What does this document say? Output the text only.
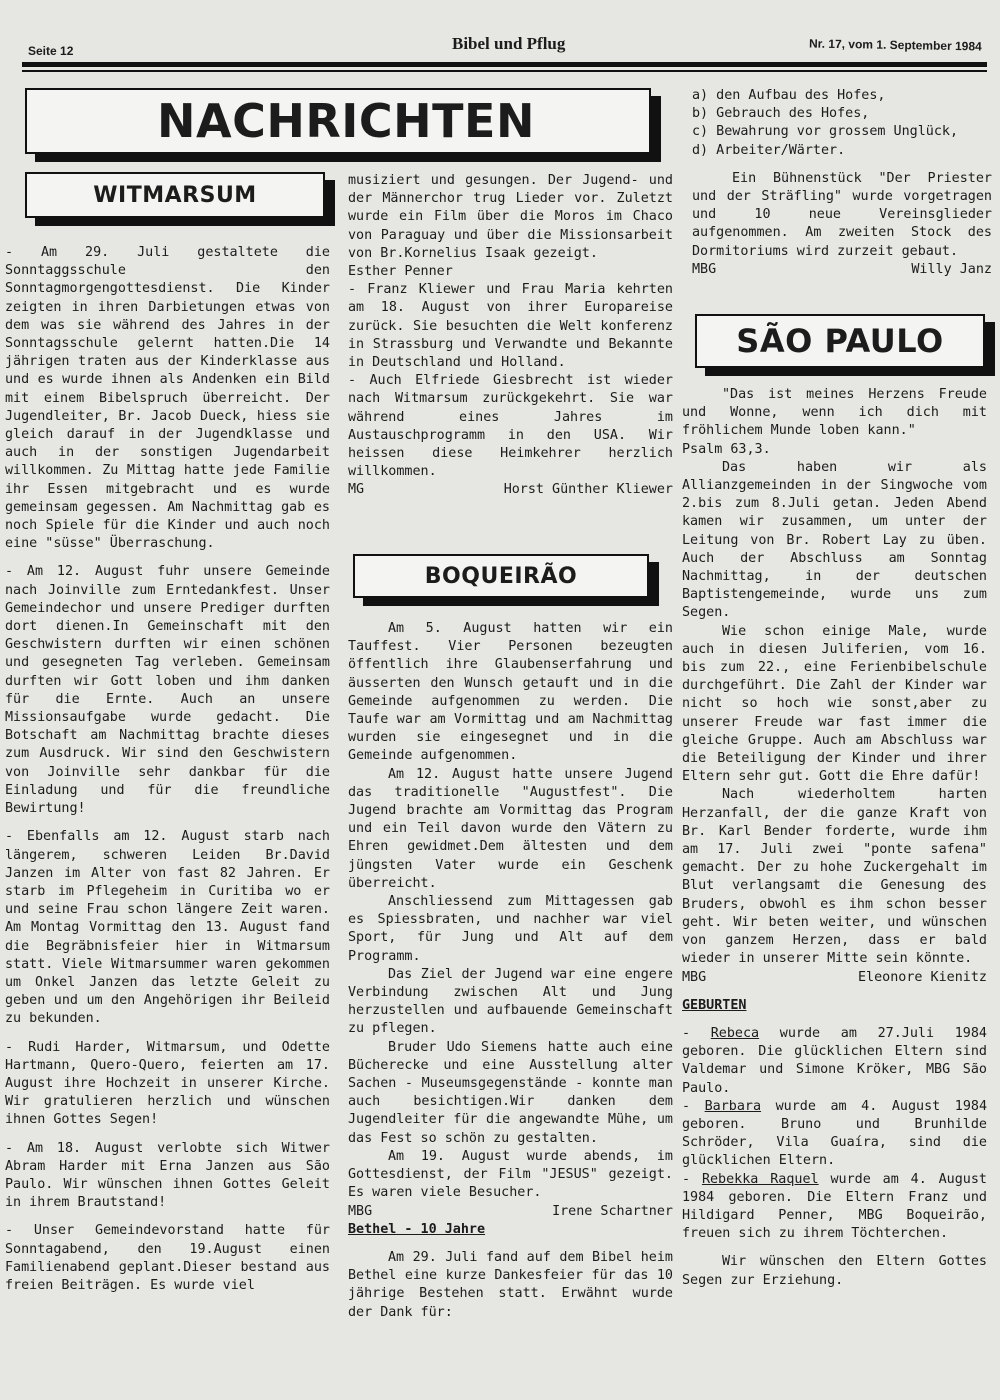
Seite 12	Bibel und Pflug	Nr. 17, vom 1. September 1984
NACHRICHTEN
WITMARSUM
BOQUEIRÃO
SÃO PAULO

- Am 29. Juli gestaltete die Sonntaggsschule den Sonntagmorgengottesdienst. Die Kinder zeigten in ihren Darbietungen etwas von dem was sie während des Jahres in der Sonntagsschule gelernt hatten.Die 14 jährigen traten aus der Kinderklasse aus und es wurde ihnen als Andenken ein Bild mit einem Bibelspruch überreicht. Der Jugendleiter, Br. Jacob Dueck, hiess sie gleich darauf in der Jugendklasse und auch in der sonstigen Jugendarbeit willkommen. Zu Mittag hatte jede Familie ihr Essen mitgebracht und es wurde gemeinsam gegessen. Am Nachmittag gab es noch Spiele für die Kinder und auch noch eine "süsse" Überraschung.

- Am 12. August fuhr unsere Gemeinde nach Joinville zum Erntedankfest. Unser Gemeindechor und unsere Prediger durften dort dienen.In Gemeinschaft mit den Geschwistern durften wir einen schönen und gesegneten Tag verleben. Gemeinsam durften wir Gott loben und ihm danken für die Ernte. Auch an unsere Missionsaufgabe wurde gedacht. Die Botschaft am Nachmittag brachte dieses zum Ausdruck. Wir sind den Geschwistern von Joinville sehr dankbar für die Einladung und für die freundliche Bewirtung!

- Ebenfalls am 12. August starb nach längerem, schweren Leiden Br.David Janzen im Alter von fast 82 Jahren. Er starb im Pflegeheim in Curitiba wo er und seine Frau schon längere Zeit waren. Am Montag Vormittag den 13. August fand die Begräbnisfeier hier in Witmarsum statt. Viele Witmarsummer waren gekommen um Onkel Janzen das letzte Geleit zu geben und um den Angehörigen ihr Beileid zu bekunden.

- Rudi Harder, Witmarsum, und Odette Hartmann, Quero-Quero, feierten am 17. August ihre Hochzeit in unserer Kirche. Wir gratulieren herzlich und wünschen ihnen Gottes Segen!

- Am 18. August verlobte sich Witwer Abram Harder mit Erna Janzen aus São Paulo. Wir wünschen ihnen Gottes Geleit in ihrem Brautstand!

- Unser Gemeindevorstand hatte für Sonntagabend, den 19.August einen Familienabend geplant.Dieser bestand aus freien Beiträgen. Es wurde viel

musiziert und gesungen. Der Jugend- und der Männerchor trug Lieder vor. Zuletzt wurde ein Film über die Moros im Chaco von Paraguay und über die Missionsarbeit von Br.Kornelius Isaak gezeigt.

Esther Penner

- Franz Kliewer und Frau Maria kehrten am 18. August von ihrer Europareise zurück. Sie besuchten die Welt konferenz in Strassburg und Verwandte und Bekannte in Deutschland und Holland.

- Auch Elfriede Giesbrecht ist wieder nach Witmarsum zurückgekehrt. Sie war während eines Jahres im Austauschprogramm in den USA. Wir heissen diese Heimkehrer herzlich willkommen.

MG	Horst Günther Kliewer

Am 5. August hatten wir ein Tauffest. Vier Personen bezeugten öffentlich ihre Glaubenserfahrung und äusserten den Wunsch getauft und in die Gemeinde aufgenommen zu werden. Die Taufe war am Vormittag und am Nachmittag wurden sie eingesegnet und in die Gemeinde aufgenommen.

Am 12. August hatte unsere Jugend das traditionelle "Augustfest". Die Jugend brachte am Vormittag das Program und ein Teil davon wurde den Vätern zu Ehren gewidmet.Dem ältesten und dem jüngsten Vater wurde ein Geschenk überreicht.

Anschliessend zum Mittagessen gab es Spiessbraten, und nachher war viel Sport, für Jung und Alt auf dem Programm.

Das Ziel der Jugend war eine engere Verbindung zwischen Alt und Jung herzustellen und aufbauende Gemeinschaft zu pflegen.

Bruder Udo Siemens hatte auch eine Bücherecke und eine Ausstellung alter Sachen - Museumsgegenstände - konnte man auch besichtigen.Wir danken dem Jugendleiter für die angewandte Mühe, um das Fest so schön zu gestalten.

Am 19. August wurde abends, im Gottesdienst, der Film "JESUS" gezeigt. Es waren viele Besucher.

MBG	Irene Schartner

Bethel - 10 Jahre

Am 29. Juli fand auf dem Bibel heim Bethel eine kurze Dankesfeier für das 10 jährige Bestehen statt. Erwähnt wurde der Dank für:

a) den Aufbau des Hofes,

b) Gebrauch des Hofes,

c) Bewahrung vor grossem Unglück,

d) Arbeiter/Wärter.

Ein Bühnenstück "Der Priester und der Sträfling" wurde vorgetragen und 10 neue Vereinsglieder aufgenommen. Am zweiten Stock des Dormitoriums wird zurzeit gebaut.

MBG	Willy Janz

"Das ist meines Herzens Freude und Wonne, wenn ich dich mit fröhlichem Munde loben kann."

Psalm 63,3.

Das haben wir als Allianzgemeinden in der Singwoche vom 2.bis zum 8.Juli getan. Jeden Abend kamen wir zusammen, um unter der Leitung von Br. Robert Lay zu üben. Auch der Abschluss am Sonntag Nachmittag, in der deutschen Baptistengemeinde, wurde uns zum Segen.

Wie schon einige Male, wurde auch in diesen Juliferien, vom 16. bis zum 22., eine Ferienbibelschule durchgeführt. Die Zahl der Kinder war nicht so hoch wie sonst,aber zu unserer Freude war fast immer die gleiche Gruppe. Auch am Abschluss war die Beteiligung der Kinder und ihrer Eltern sehr gut. Gott die Ehre dafür!

Nach wiederholtem harten Herzanfall, der die ganze Kraft von Br. Karl Bender forderte, wurde ihm am 17. Juli zwei "ponte safena" gemacht. Der zu hohe Zuckergehalt im Blut verlangsamt die Genesung des Bruders, obwohl es ihm schon besser geht. Wir beten weiter, und wünschen von ganzem Herzen, dass er bald wieder in unserer Mitte sein könnte.

MBG	Eleonore Kienitz

GEBURTEN

- Rebeca wurde am 27.Juli 1984 geboren. Die glücklichen Eltern sind Valdemar und Simone Kröker, MBG São Paulo.

- Barbara wurde am 4. August 1984 geboren. Bruno und Brunhilde Schröder, Vila Guaíra, sind die glücklichen Eltern.

- Rebekka Raquel wurde am 4. August 1984 geboren. Die Eltern Franz und Hildigard Penner, MBG Boqueirão, freuen sich zu ihrem Töchterchen.

Wir wünschen den Eltern Gottes Segen zur Erziehung.
